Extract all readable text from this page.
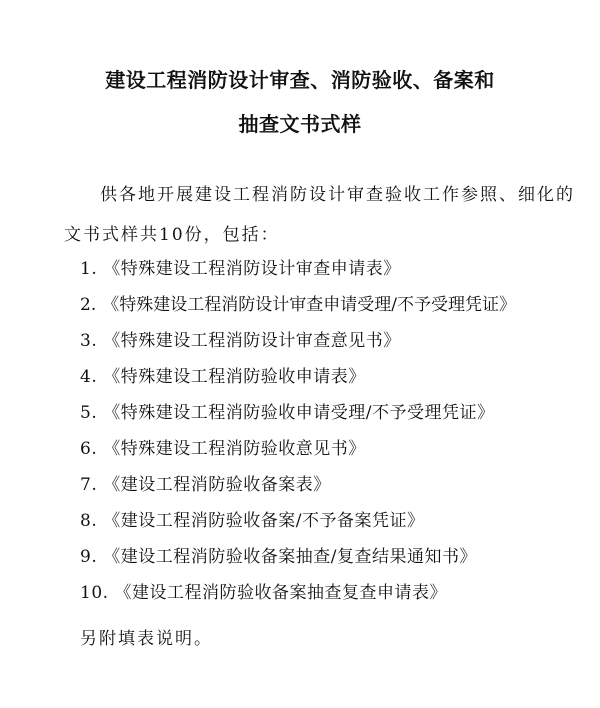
建设工程消防设计审查、消防验收、备案和
抽查文书式样
供各地开展建设工程消防设计审查验收工作参照、细化的
文书式样共10份，包括：
1. 《特殊建设工程消防设计审查申请表》
2. 《特殊建设工程消防设计审查申请受理/不予受理凭证》
3. 《特殊建设工程消防设计审查意见书》
4. 《特殊建设工程消防验收申请表》
5. 《特殊建设工程消防验收申请受理/不予受理凭证》
6. 《特殊建设工程消防验收意见书》
7. 《建设工程消防验收备案表》
8. 《建设工程消防验收备案/不予备案凭证》
9. 《建设工程消防验收备案抽查/复查结果通知书》
10. 《建设工程消防验收备案抽查复查申请表》
另附填表说明。
